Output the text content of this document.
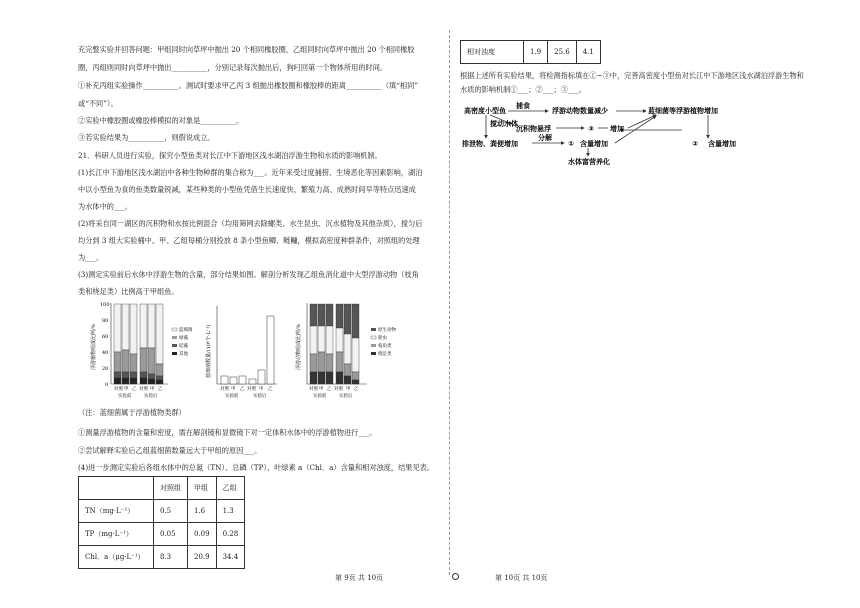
充完整实验并回答问题：甲组同时向草坪中抛出 20 个相同橡胶圈，乙组同时向草坪中抛出 20 个相同橡胶
圈，丙组则同时向草坪中抛出__________，分别记录每次抛出后，狗叼回第一个物体所用的时间。
①补充丙组实验操作__________。测试时要求甲乙丙 3 组抛出橡胶圈和橡胶棒的距离__________（填“相同”
或“不同”）。
②实验中橡胶圈或橡胶棒模拟的对象是__________。
③若实验结果为__________，则假说成立。
21．科研人员进行实验，探究小型鱼类对长江中下游地区浅水湖泊浮游生物和水质的影响机制。
(1)长江中下游地区浅水湖泊中各种生物种群的集合称为___。近年来受过度捕捞、生境恶化等因素影响，湖泊
中以小型鱼为食的鱼类数量锐减，某些种类的小型鱼凭借生长速度快、繁殖力高、成熟时间早等特点迅速成
为水体中的___。
(2)将采自同一湖区的沉积物和水按比例混合（均用筛网去除螺类、水生昆虫、沉水植物及其他杂质），搅匀后
均分到 3 组大实验桶中。甲、乙组每桶分别投放 8 条小型鱼鲫、鲢鳙，模拟高密度种群条件，对照组的处理
为___。
(3)测定实验前后水体中浮游生物的含量，部分结果如图。解剖分析发现乙组鱼消化道中大型浮游动物（枝角
类和桡足类）比例高于甲组鱼。
浮游植物组成比例/%
100
80
60
40
20
0
蓝细菌
绿藻
硅藻
其他
对照 甲 乙 对照 甲 乙
实验前	实验后
蓝细菌数量/(10⁶个·L⁻¹)
对照 甲 乙 对照 甲 乙
实验前	实验后
浮游动物组成比例/%	原生动物
轮虫
枝角类
桡足类
对照 甲 乙 对照 甲 乙
实验前	实验后
（注：蓝细菌属于浮游植物类群）
①测量浮游植物的含量和密度，需在解剖镜和显微镜下对一定体积水体中的浮游植物进行___。
②尝试解释实验后乙组蓝细菌数量远大于甲组的原因___。
(4)进一步测定实验后各组水体中的总氮（TN）、总磷（TP）、叶绿素 a（Chl．a）含量和相对浊度，结果见表。
	对照组	甲组	乙组
TN（mg·L⁻¹）	0.5	1.6	1.3
TP（mg·L⁻¹）	0.05	0.09	0.28
Chl．a（μg·L⁻¹）	8.3	20.9	34.4
相对浊度	1.9	25.6	4.1
根据上述所有实验结果，将检测指标填在①~③中，完善高密度小型鱼对长江中下游地区浅水湖泊浮游生物和
水质的影响机制①___；②___；③___。
高密度小型鱼
捕食
浮游动物数量减少	蓝细菌等浮游植物增加
搅动水体
沉积物悬浮	③ 增加
排泄物、粪便增加
分解
① 含量增加	② 含量增加
水体富营养化
第 9页 共 10页	第 10页 共 10页
